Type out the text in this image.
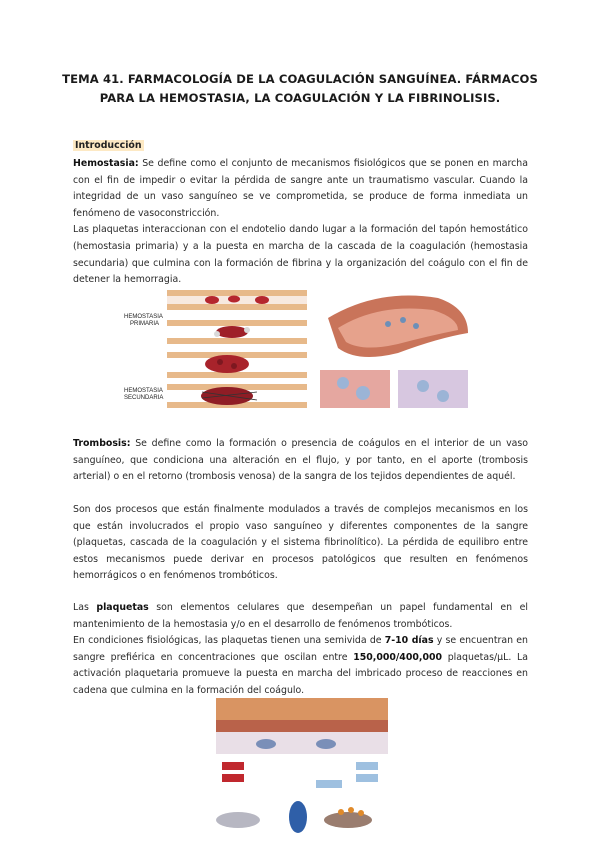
TEMA 41. FARMACOLOGÍA DE LA COAGULACIÓN SANGUÍNEA. FÁRMACOS
PARA LA HEMOSTASIA, LA COAGULACIÓN Y LA FIBRINOLISIS.
Introducción

Hemostasia: Se define como el conjunto de mecanismos fisiológicos que se ponen en marcha con el fin de impedir o evitar la pérdida de sangre ante un traumatismo vascular. Cuando la integridad de un vaso sanguíneo se ve comprometida, se produce de forma inmediata un fenómeno de vasoconstricción.

Las plaquetas interaccionan con el endotelio dando lugar a la formación del tapón hemostático (hemostasia primaria) y a la puesta en marcha de la cascada de la coagulación (hemostasia secundaria) que culmina con la formación de fibrina y la organización del coágulo con el fin de detener la hemorragia.

HEMOSTASIA
PRIMARIA
HEMOSTASIA
SECUNDARIA

Trombosis: Se define como la formación o presencia de coágulos en el interior de un vaso sanguíneo, que condiciona una alteración en el flujo, y por tanto, en el aporte (trombosis arterial) o en el retorno (trombosis venosa) de la sangra de los tejidos dependientes de aquél.

Son dos procesos que están finalmente modulados a través de complejos mecanismos en los que están involucrados el propio vaso sanguíneo y diferentes componentes de la sangre (plaquetas, cascada de la coagulación y el sistema fibrinolítico). La pérdida de equilibro entre estos mecanismos puede derivar en procesos patológicos que resulten en fenómenos hemorrágicos o en fenómenos trombóticos.

Las plaquetas son elementos celulares que desempeñan un papel fundamental en el mantenimiento de la hemostasia y/o en el desarrollo de fenómenos trombóticos.

En condiciones fisiológicas, las plaquetas tienen una semivida de 7-10 días y se encuentran en sangre prefiérica en concentraciones que oscilan entre 150,000/400,000 plaquetas/µL. La activación plaquetaria promueve la puesta en marcha del imbricado proceso de reacciones en cadena que culmina en la formación del coágulo.
